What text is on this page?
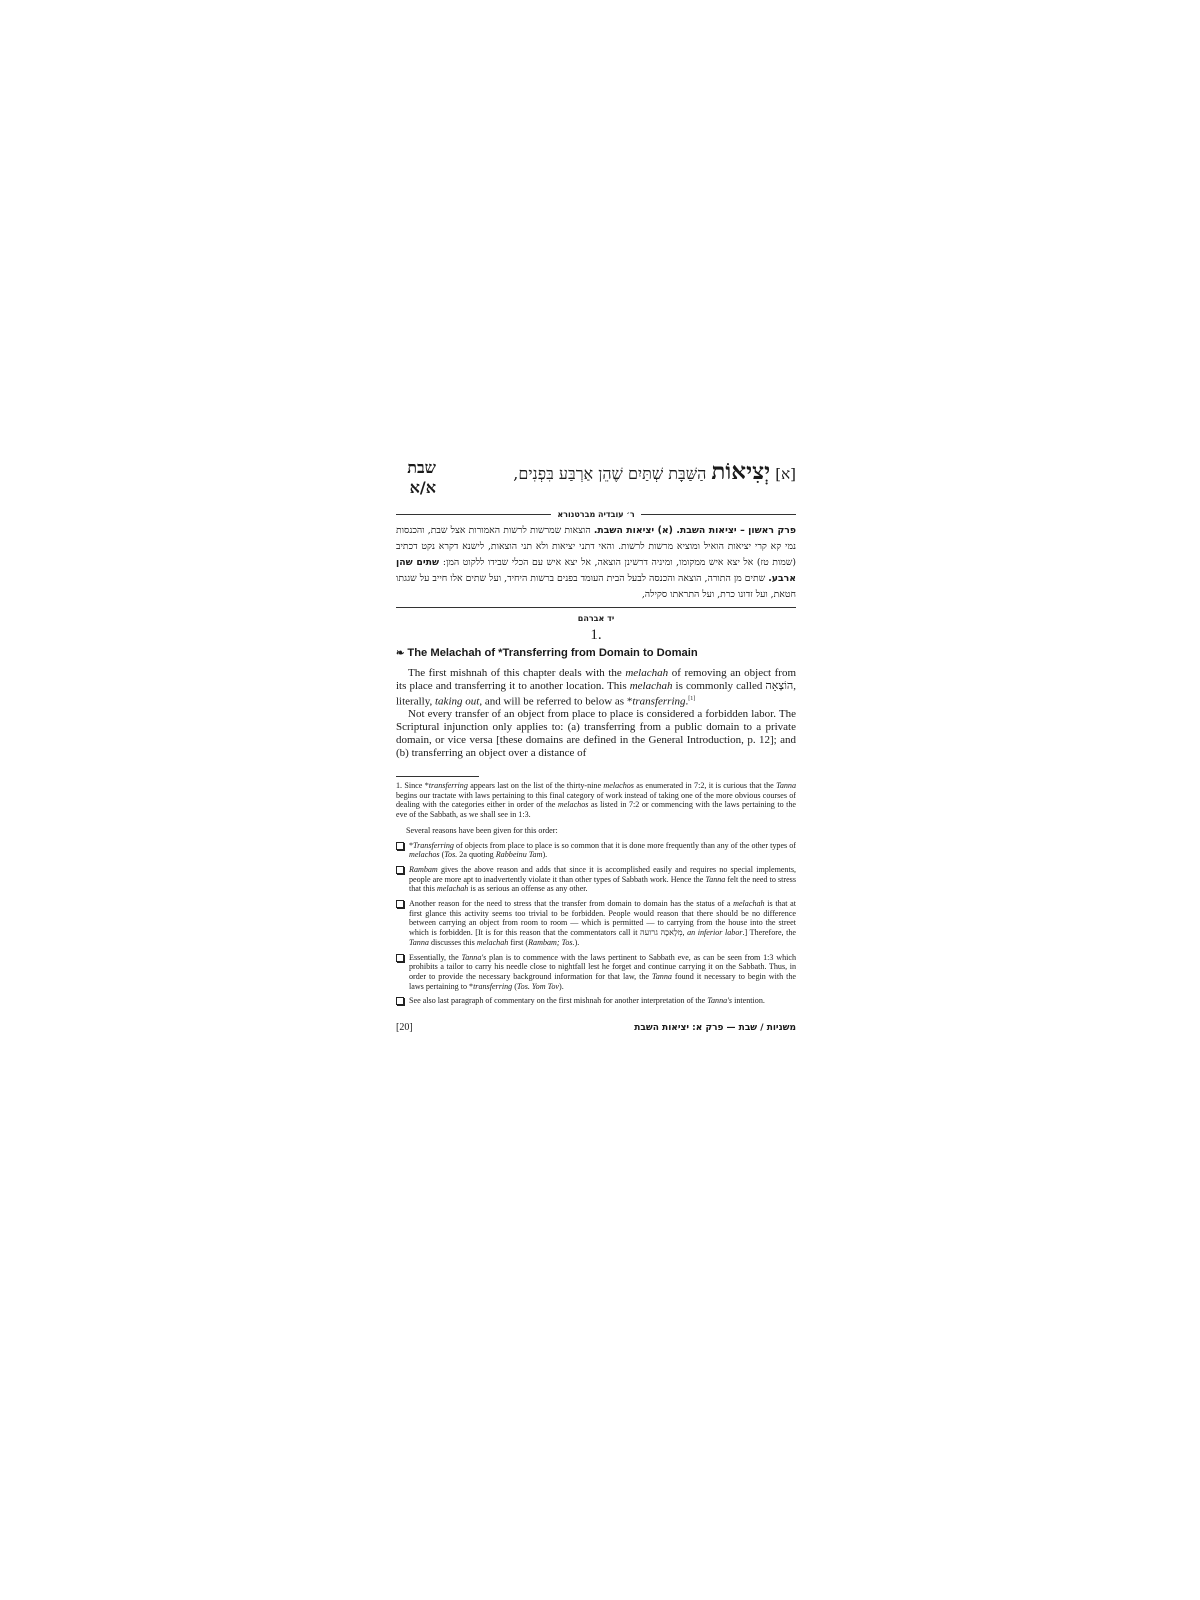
[א] יְצִיאוֹת הַשַּׁבָּת שְׁתַּיִם שֶׁהֵן אַרְבַּע בִּפְנִים,
שבת
א/א
ר׳ עובדיה מברטנורא
פרק ראשון – יציאות השבת. (א) יציאות השבת. הוצאות שמרשות לרשות האמורות אצל שבת, והכנסות נמי קא קרי יציאות הואיל ומוציא מרשות לרשות. והאי דתני יציאות ולא תני הוצאות, לישנא דקרא נקט דכתיב (שמות טז) אל יצא איש ממקומו, ומיניה דרשינן הוצאה, אל יצא איש עם הכלי שבידו ללקוט המן: שתים שהן ארבע. שתים מן התורה, הוצאה והכנסה לבעל הבית העומד בפנים ברשות היחיד, ועל שתים אלו חייב על שגגתו חטאת, ועל זדונו כרת, ועל התראתו סקילה,
יד אברהם
1.
❧ The Melachah of *Transferring from Domain to Domain

The first mishnah of this chapter deals with the melachah of removing an object from its place and transferring it to another location. This melachah is commonly called הוֹצָאָה, literally, taking out, and will be referred to below as *transferring.[1]

Not every transfer of an object from place to place is considered a forbidden labor. The Scriptural injunction only applies to: (a) transferring from a public domain to a private domain, or vice versa [these domains are defined in the General Introduction, p. 12]; and (b) transferring an object over a distance of

1. Since *transferring appears last on the list of the thirty-nine melachos as enumerated in 7:2, it is curious that the Tanna begins our tractate with laws pertaining to this final category of work instead of taking one of the more obvious courses of dealing with the categories either in order of the melachos as listed in 7:2 or commencing with the laws pertaining to the eve of the Sabbath, as we shall see in 1:3.

Several reasons have been given for this order:

*Transferring of objects from place to place is so common that it is done more frequently than any of the other types of melachos (Tos. 2a quoting Rabbeinu Tam).
Rambam gives the above reason and adds that since it is accomplished easily and requires no special implements, people are more apt to inadvertently violate it than other types of Sabbath work. Hence the Tanna felt the need to stress that this melachah is as serious an offense as any other.
Another reason for the need to stress that the transfer from domain to domain has the status of a melachah is that at first glance this activity seems too trivial to be forbidden. People would reason that there should be no difference between carrying an object from room to room — which is permitted — to carrying from the house into the street which is forbidden. [It is for this reason that the commentators call it מְלָאכָה גרועה, an inferior labor.] Therefore, the Tanna discusses this melachah first (Rambam; Tos.).
Essentially, the Tanna's plan is to commence with the laws pertinent to Sabbath eve, as can be seen from 1:3 which prohibits a tailor to carry his needle close to nightfall lest he forget and continue carrying it on the Sabbath. Thus, in order to provide the necessary background information for that law, the Tanna found it necessary to begin with the laws pertaining to *transferring (Tos. Yom Tov).
See also last paragraph of commentary on the first mishnah for another interpretation of the Tanna's intention.
[20]	משניות / שבת — פרק א: יציאות השבת
